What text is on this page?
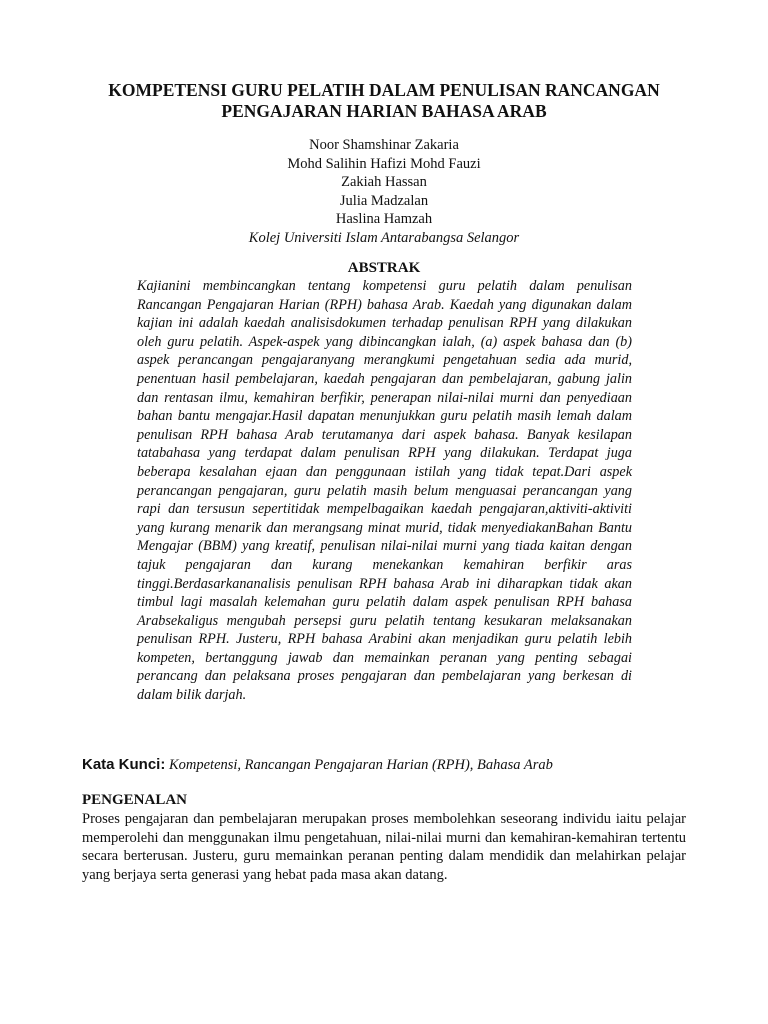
KOMPETENSI GURU PELATIH DALAM PENULISAN RANCANGAN
PENGAJARAN HARIAN BAHASA ARAB
Noor Shamshinar Zakaria
Mohd Salihin Hafizi Mohd Fauzi
Zakiah Hassan
Julia Madzalan
Haslina Hamzah
Kolej Universiti Islam Antarabangsa Selangor
ABSTRAK

Kajianini membincangkan tentang kompetensi guru pelatih dalam penulisan Rancangan Pengajaran Harian (RPH) bahasa Arab. Kaedah yang digunakan dalam kajian ini adalah kaedah analisisdokumen terhadap penulisan RPH yang dilakukan oleh guru pelatih. Aspek-aspek yang dibincangkan ialah, (a) aspek bahasa dan (b) aspek perancangan pengajaranyang merangkumi pengetahuan sedia ada murid, penentuan hasil pembelajaran, kaedah pengajaran dan pembelajaran, gabung jalin dan rentasan ilmu, kemahiran berfikir, penerapan nilai-nilai murni dan penyediaan bahan bantu mengajar.Hasil dapatan menunjukkan guru pelatih masih lemah dalam penulisan RPH bahasa Arab terutamanya dari aspek bahasa. Banyak kesilapan tatabahasa yang terdapat dalam penulisan RPH yang dilakukan. Terdapat juga beberapa kesalahan ejaan dan penggunaan istilah yang tidak tepat.Dari aspek perancangan pengajaran, guru pelatih masih belum menguasai perancangan yang rapi dan tersusun sepertitidak mempelbagaikan kaedah pengajaran,aktiviti-aktiviti yang kurang menarik dan merangsang minat murid, tidak menyediakanBahan Bantu Mengajar (BBM) yang kreatif, penulisan nilai-nilai murni yang tiada kaitan dengan tajuk pengajaran dan kurang menekankan kemahiran berfikir aras tinggi.Berdasarkananalisis penulisan RPH bahasa Arab ini diharapkan tidak akan timbul lagi masalah kelemahan guru pelatih dalam aspek penulisan RPH bahasa Arabsekaligus mengubah persepsi guru pelatih tentang kesukaran melaksanakan penulisan RPH. Justeru, RPH bahasa Arabini akan menjadikan guru pelatih lebih kompeten, bertanggung jawab dan memainkan peranan yang penting sebagai perancang dan pelaksana proses pengajaran dan pembelajaran yang berkesan di dalam bilik darjah.

Kata Kunci: Kompetensi, Rancangan Pengajaran Harian (RPH), Bahasa Arab
PENGENALAN

Proses pengajaran dan pembelajaran merupakan proses membolehkan seseorang individu iaitu pelajar memperolehi dan menggunakan ilmu pengetahuan, nilai-nilai murni dan kemahiran-kemahiran tertentu secara berterusan. Justeru, guru memainkan peranan penting dalam mendidik dan melahirkan pelajar yang berjaya serta generasi yang hebat pada masa akan datang.
